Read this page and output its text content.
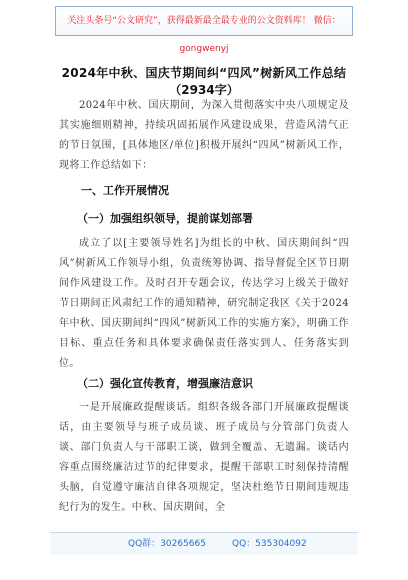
关注头条号“公文研究”，获得最新最全最专业的公文资料库！ 微信：gongwenyj
2024年中秋、国庆节期间纠“四风”树新风工作总结
（2934字）

2024年中秋、国庆期间，为深入贯彻落实中央八项规定及其实施细则精神，持续巩固拓展作风建设成果，营造风清气正的节日氛围，[具体地区/单位]积极开展纠“四风”树新风工作，现将工作总结如下：

一、工作开展情况
（一）加强组织领导，提前谋划部署

成立了以[主要领导姓名]为组长的中秋、国庆期间纠“四风”树新风工作领导小组，负责统筹协调、指导督促全区节日期间作风建设工作。及时召开专题会议，传达学习上级关于做好节日期间正风肃纪工作的通知精神，研究制定我区《关于2024年中秋、国庆期间纠“四风”树新风工作的实施方案》，明确工作目标、重点任务和具体要求确保责任落实到人、任务落实到位。

（二）强化宣传教育，增强廉洁意识

一是开展廉政提醒谈话。组织各级各部门开展廉政提醒谈话，由主要领导与班子成员谈、班子成员与分管部门负责人谈、部门负责人与干部职工谈，做到全覆盖、无遗漏。谈话内容重点围绕廉洁过节的纪律要求，提醒干部职工时刻保持清醒头脑，自觉遵守廉洁自律各项规定，坚决杜绝节日期间违规违纪行为的发生。中秋、国庆期间，全

QQ群：30265665	QQ：535304092
